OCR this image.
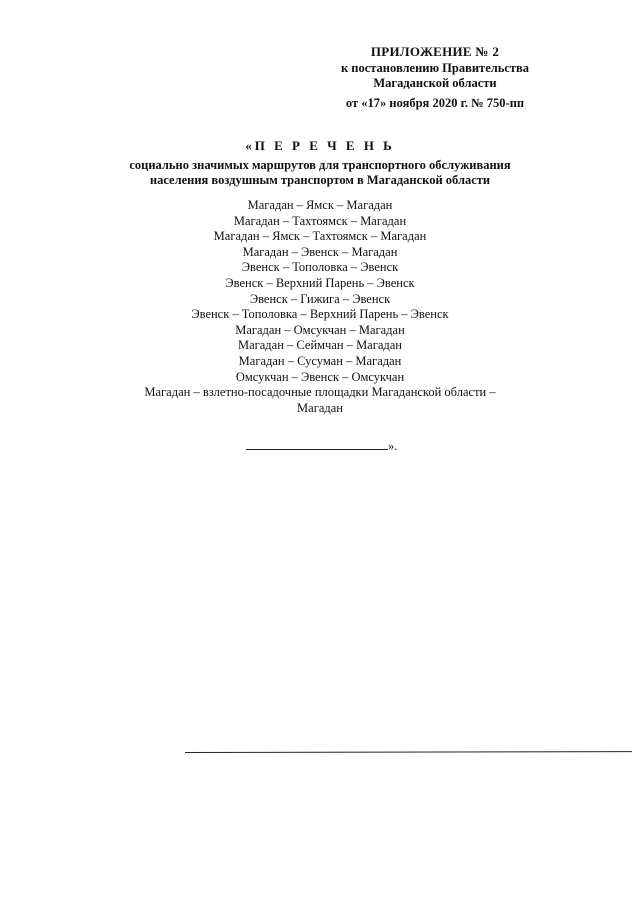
ПРИЛОЖЕНИЕ № 2
к постановлению Правительства
Магаданской области
от «17» ноября 2020 г. № 750-пп
«П Е Р Е Ч Е Н Ь
социально значимых маршрутов для транспортного обслуживания
населения воздушным транспортом в Магаданской области
Магадан – Ямск – Магадан
Магадан – Тахтоямск – Магадан
Магадан – Ямск – Тахтоямск – Магадан
Магадан – Эвенск – Магадан
Эвенск – Тополовка – Эвенск
Эвенск – Верхний Парень – Эвенск
Эвенск – Гижига – Эвенск
Эвенск – Тополовка – Верхний Парень – Эвенск
Магадан – Омсукчан – Магадан
Магадан – Сеймчан – Магадан
Магадан – Сусуман – Магадан
Омсукчан – Эвенск – Омсукчан
Магадан – взлетно-посадочные площадки Магаданской области –
Магадан
».
